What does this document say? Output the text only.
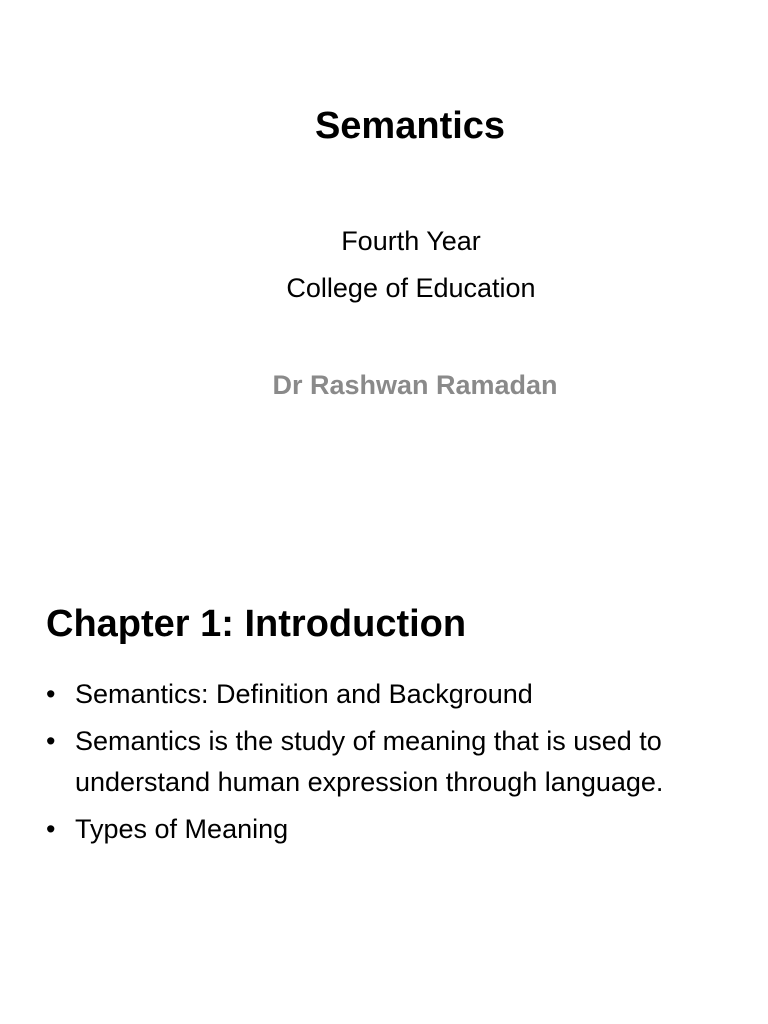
Semantics

Fourth Year

College of Education

Dr Rashwan Ramadan

Chapter 1: Introduction
• Semantics: Definition and Background
• Semantics is the study of meaning that is used to understand human expression through language.
• Types of Meaning
